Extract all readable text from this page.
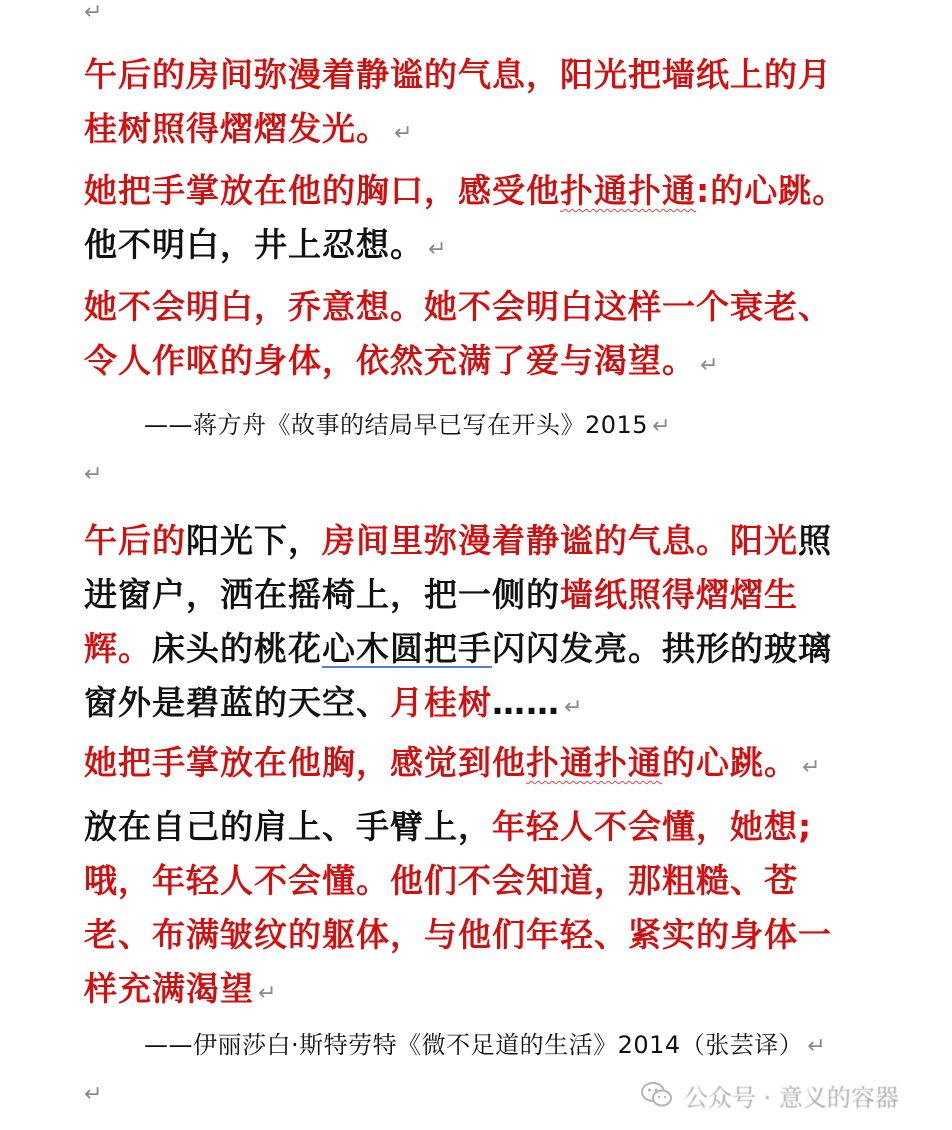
↵
午后的房间弥漫着静谧的气息，阳光把墙纸上的月桂树照得熠熠发光。 ↵
她把手掌放在他的胸口，感受他扑通扑通:的心跳。他不明白，井上忍想。 ↵
她不会明白，乔意想。她不会明白这样一个衰老、令人作呕的身体，依然充满了爱与渴望。 ↵
——蒋方舟《故事的结局早已写在开头》2015 ↵
↵
午后的阳光下，房间里弥漫着静谧的气息。阳光照进窗户，洒在摇椅上，把一侧的墙纸照得熠熠生辉。床头的桃花心木圆把手闪闪发亮。拱形的玻璃窗外是碧蓝的天空、月桂树…… ↵
她把手掌放在他胸，感觉到他扑通扑通的心跳。 ↵
放在自己的肩上、手臂上，年轻人不会懂，她想;哦，年轻人不会懂。他们不会知道，那粗糙、苍老、布满皱纹的躯体，与他们年轻、紧实的身体一样充满渴望 ↵
——伊丽莎白·斯特劳特《微不足道的生活》2014（张芸译） ↵
↵	公众号 · 意义的容器
